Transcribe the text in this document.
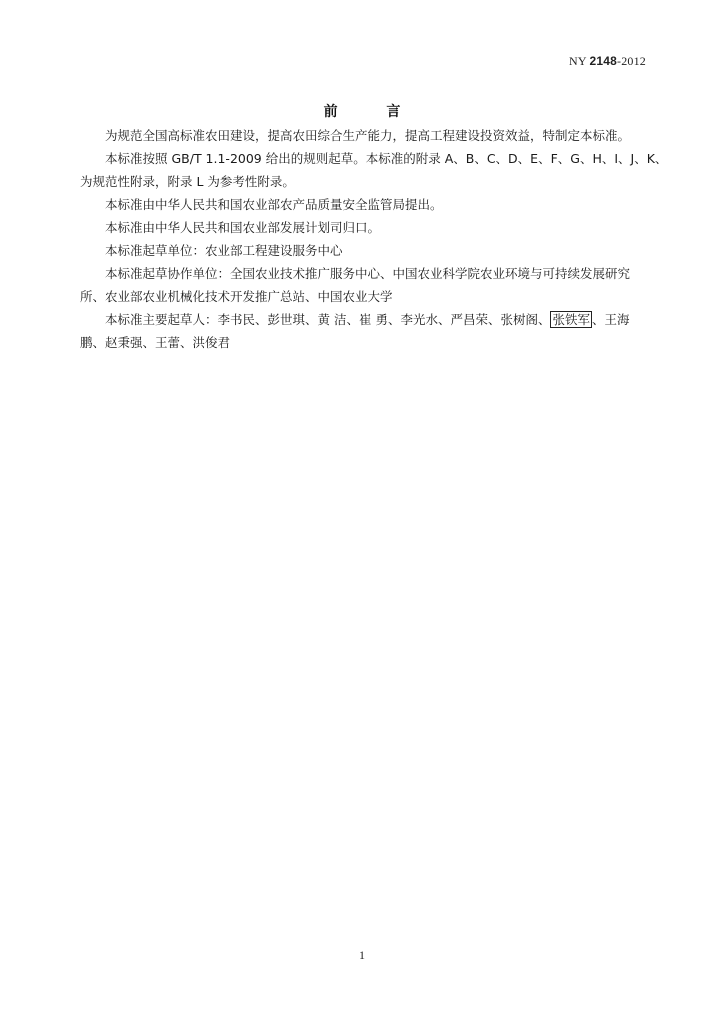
NY 2148-2012
前 言

为规范全国高标准农田建设，提高农田综合生产能力，提高工程建设投资效益，特制定本标准。

本标准按照 GB/T 1.1-2009 给出的规则起草。本标准的附录 A、B、C、D、E、F、G、H、I、J、K、
为规范性附录，附录 L 为参考性附录。

本标准由中华人民共和国农业部农产品质量安全监管局提出。

本标准由中华人民共和国农业部发展计划司归口。

本标准起草单位：农业部工程建设服务中心

本标准起草协作单位：全国农业技术推广服务中心、中国农业科学院农业环境与可持续发展研究
所、农业部农业机械化技术开发推广总站、中国农业大学

本标准主要起草人：李书民、彭世琪、黄 洁、崔 勇、李光水、严昌荣、张树阁、 张铁军 、王海
鹏、赵秉强、王蕾、洪俊君

1
